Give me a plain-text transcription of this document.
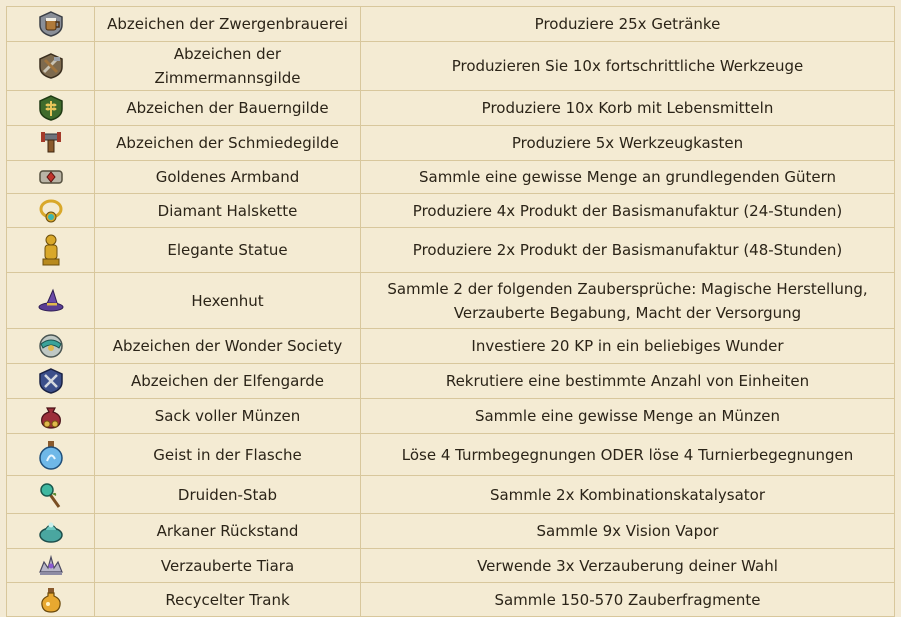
	Abzeichen der Zwergenbrauerei	Produziere 25x Getränke

	Abzeichen der Zimmermannsgilde	Produzieren Sie 10x fortschrittliche Werkzeuge

	Abzeichen der Bauerngilde	Produziere 10x Korb mit Lebensmitteln

	Abzeichen der Schmiedegilde	Produziere 5x Werkzeugkasten

	Goldenes Armband	Sammle eine gewisse Menge an grundlegenden Gütern

	Diamant Halskette	Produziere 4x Produkt der Basismanufaktur (24-Stunden)

	Elegante Statue	Produziere 2x Produkt der Basismanufaktur (48-Stunden)

	Hexenhut	Sammle 2 der folgenden Zaubersprüche: Magische Herstellung, Verzauberte Begabung, Macht der Versorgung

	Abzeichen der Wonder Society	Investiere 20 KP in ein beliebiges Wunder

	Abzeichen der Elfengarde	Rekrutiere eine bestimmte Anzahl von Einheiten

	Sack voller Münzen	Sammle eine gewisse Menge an Münzen

	Geist in der Flasche	Löse 4 Turmbegegnungen ODER löse 4 Turnierbegegnungen

	Druiden-Stab	Sammle 2x Kombinationskatalysator

	Arkaner Rückstand	Sammle 9x Vision Vapor

	Verzauberte Tiara	Verwende 3x Verzauberung deiner Wahl

	Recycelter Trank	Sammle 150-570 Zauberfragmente
